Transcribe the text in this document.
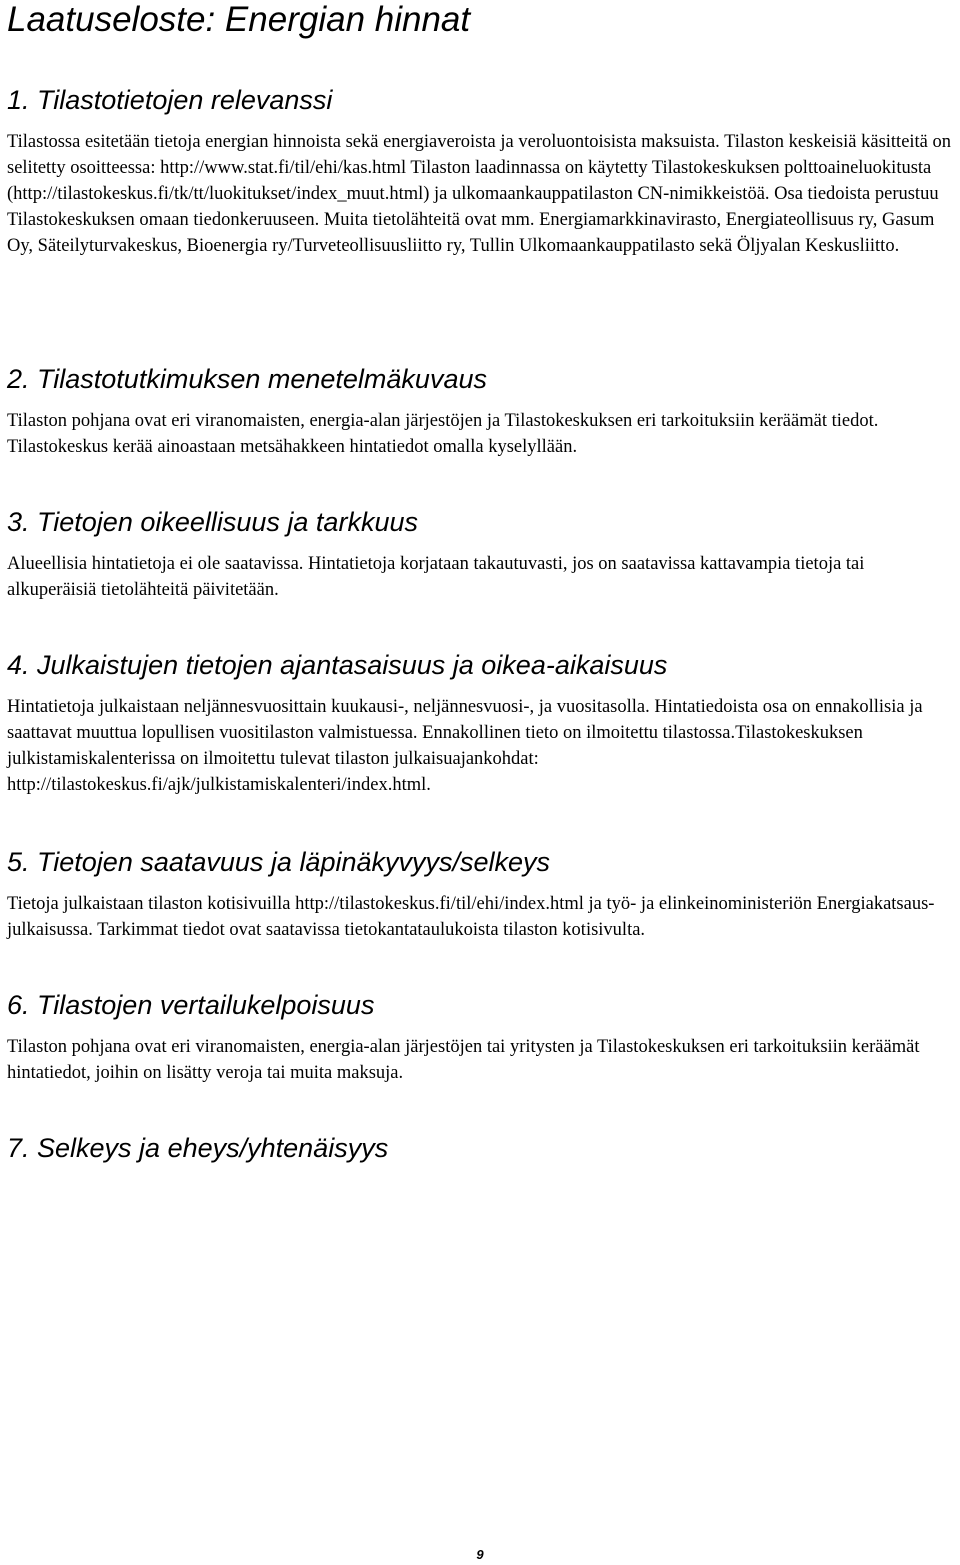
Laatuseloste: Energian hinnat
1. Tilastotietojen relevanssi

Tilastossa esitetään tietoja energian hinnoista sekä energiaveroista ja veroluontoisista maksuista. Tilaston keskeisiä käsitteitä on selitetty osoitteessa: http://www.stat.fi/til/ehi/kas.html Tilaston laadinnassa on käytetty Tilastokeskuksen polttoaineluokitusta (http://tilastokeskus.fi/tk/tt/luokitukset/index_muut.html) ja ulkomaankauppatilaston CN-nimikkeistöä. Osa tiedoista perustuu Tilastokeskuksen omaan tiedonkeruuseen. Muita tietolähteitä ovat mm. Energiamarkkinavirasto, Energiateollisuus ry, Gasum Oy, Säteilyturvakeskus, Bioenergia ry/Turveteollisuusliitto ry, Tullin Ulkomaankauppatilasto sekä Öljyalan Keskusliitto.

2. Tilastotutkimuksen menetelmäkuvaus

Tilaston pohjana ovat eri viranomaisten, energia-alan järjestöjen ja Tilastokeskuksen eri tarkoituksiin keräämät tiedot. Tilastokeskus kerää ainoastaan metsähakkeen hintatiedot omalla kyselyllään.

3. Tietojen oikeellisuus ja tarkkuus

Alueellisia hintatietoja ei ole saatavissa. Hintatietoja korjataan takautuvasti, jos on saatavissa kattavampia tietoja tai alkuperäisiä tietolähteitä päivitetään.

4. Julkaistujen tietojen ajantasaisuus ja oikea-aikaisuus

Hintatietoja julkaistaan neljännesvuosittain kuukausi-, neljännesvuosi-, ja vuositasolla. Hintatiedoista osa on ennakollisia ja saattavat muuttua lopullisen vuositilaston valmistuessa. Ennakollinen tieto on ilmoitettu tilastossa.Tilastokeskuksen julkistamiskalenterissa on ilmoitettu tulevat tilaston julkaisuajankohdat: http://tilastokeskus.fi/ajk/julkistamiskalenteri/index.html.

5. Tietojen saatavuus ja läpinäkyvyys/selkeys

Tietoja julkaistaan tilaston kotisivuilla http://tilastokeskus.fi/til/ehi/index.html ja työ- ja elinkeinoministeriön Energiakatsaus-julkaisussa. Tarkimmat tiedot ovat saatavissa tietokantataulukoista tilaston kotisivulta.

6. Tilastojen vertailukelpoisuus

Tilaston pohjana ovat eri viranomaisten, energia-alan järjestöjen tai yritysten ja Tilastokeskuksen eri tarkoituksiin keräämät hintatiedot, joihin on lisätty veroja tai muita maksuja.

7. Selkeys ja eheys/yhtenäisyys

9
